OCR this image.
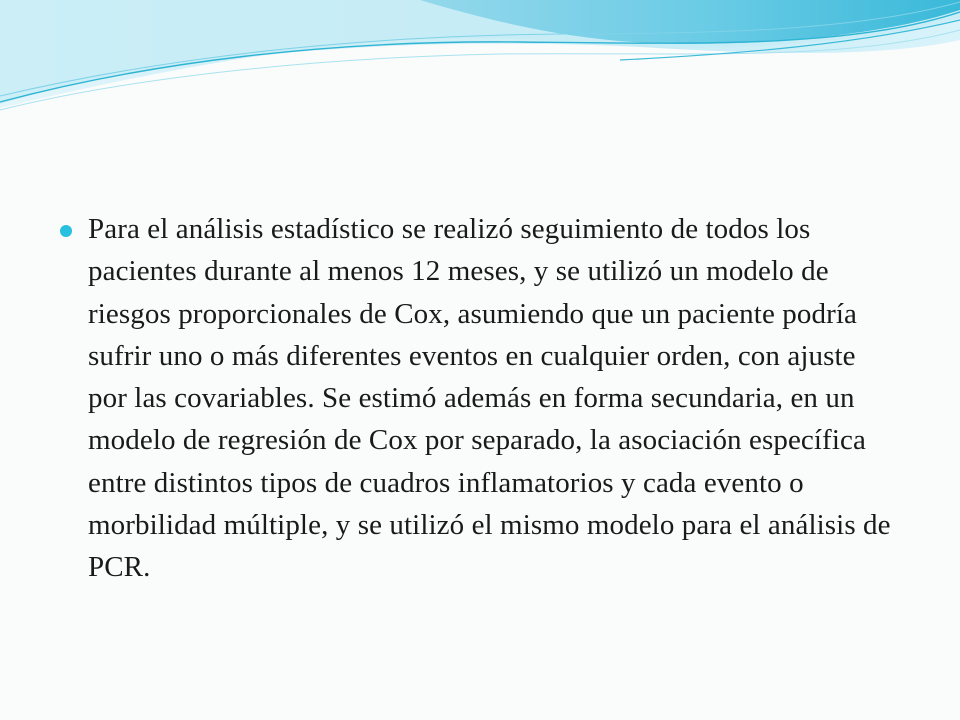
Para el análisis estadístico se realizó seguimiento de todos los pacientes durante al menos 12 meses, y se utilizó un modelo de riesgos proporcionales de Cox, asumiendo que un paciente podría sufrir uno o más diferentes eventos en cualquier orden, con ajuste por las covariables. Se estimó además en forma secundaria, en un modelo de regresión de Cox por separado, la asociación específica entre distintos tipos de cuadros inflamatorios y cada evento o morbilidad múltiple, y se utilizó el mismo modelo para el análisis de PCR.
